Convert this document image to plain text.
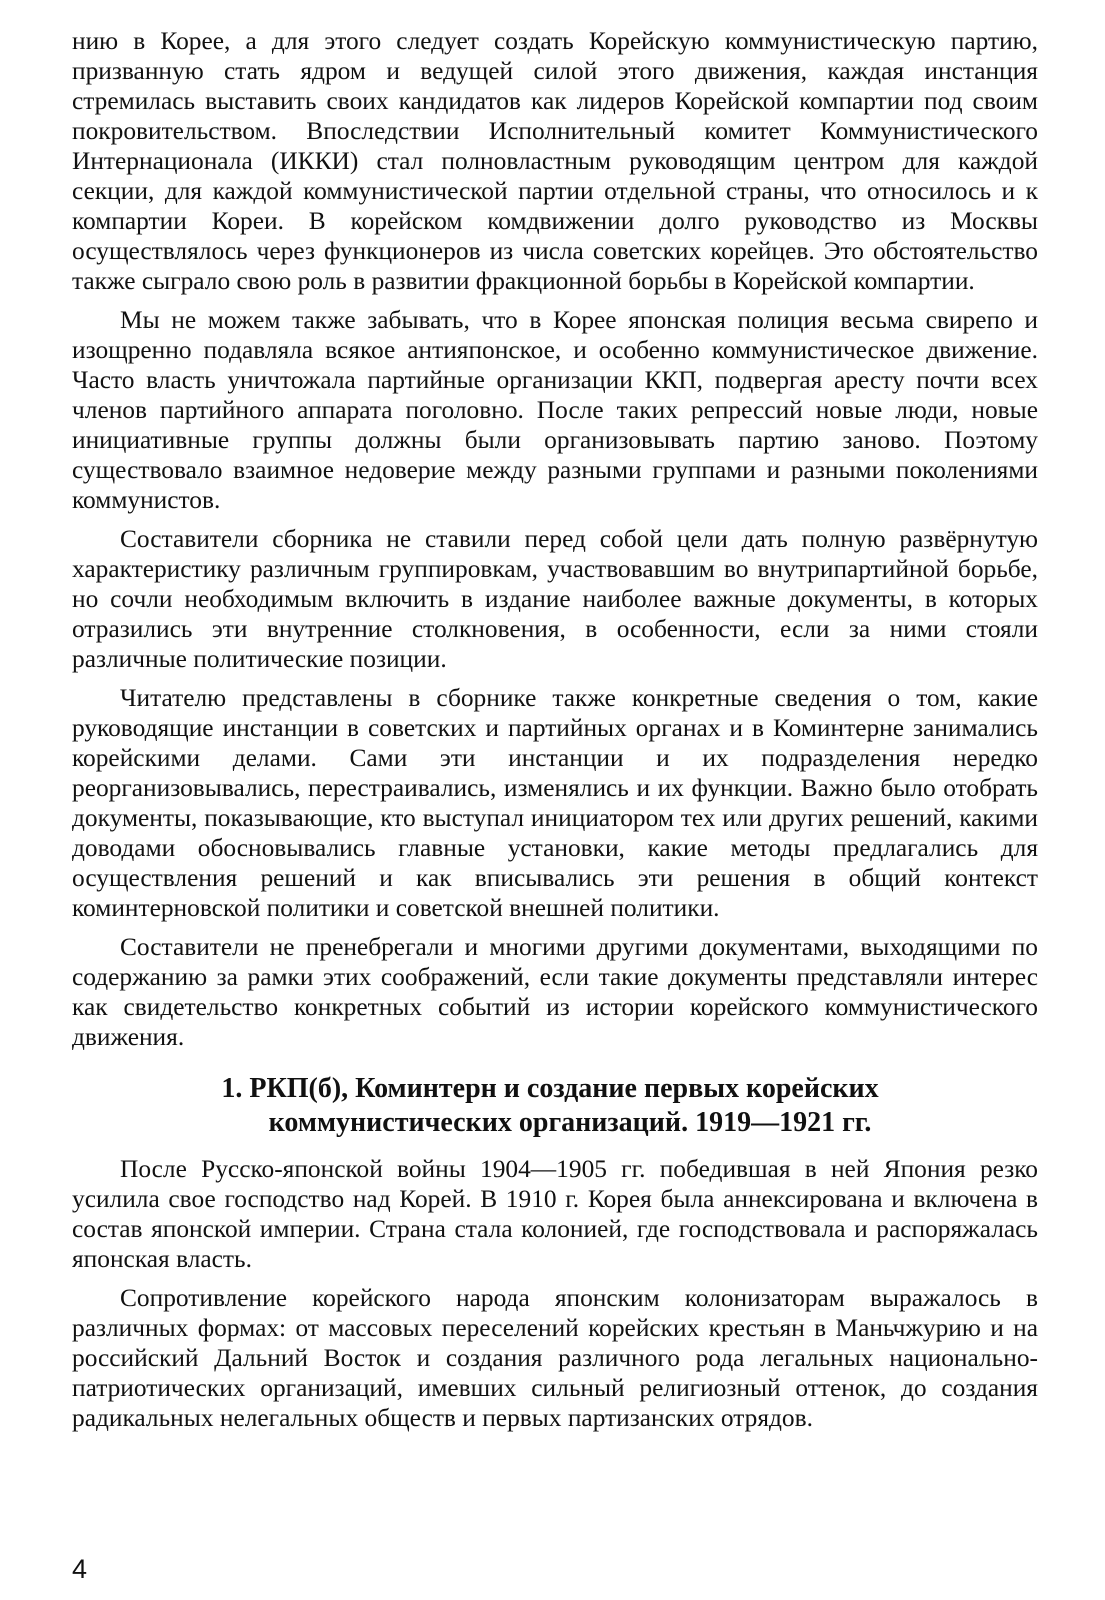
нию в Корее, а для этого следует создать Корейскую коммунистическую партию, призванную стать ядром и ведущей силой этого движения, каждая инстанция стремилась выставить своих кандидатов как лидеров Корейской компартии под своим покровительством. Впоследствии Исполнительный комитет Коммунистического Интернационала (ИККИ) стал полновластным руководящим центром для каждой секции, для каждой коммунистической партии отдельной страны, что относилось и к компартии Кореи. В корейском комдвижении долго руководство из Москвы осуществлялось через функционеров из числа советских корейцев. Это обстоятельство также сыграло свою роль в развитии фракционной борьбы в Корейской компартии.

Мы не можем также забывать, что в Корее японская полиция весьма свирепо и изощренно подавляла всякое антияпонское, и особенно коммунистическое движение. Часто власть уничтожала партийные организации ККП, подвергая аресту почти всех членов партийного аппарата поголовно. После таких репрессий новые люди, новые инициативные группы должны были организовывать партию заново. Поэтому существовало взаимное недоверие между разными группами и разными поколениями коммунистов.

Составители сборника не ставили перед собой цели дать полную развёрнутую характеристику различным группировкам, участвовавшим во внутрипартийной борьбе, но сочли необходимым включить в издание наиболее важные документы, в которых отразились эти внутренние столкновения, в особенности, если за ними стояли различные политические позиции.

Читателю представлены в сборнике также конкретные сведения о том, какие руководящие инстанции в советских и партийных органах и в Коминтерне занимались корейскими делами. Сами эти инстанции и их подразделения нередко реорганизовывались, перестраивались, изменялись и их функции. Важно было отобрать документы, показывающие, кто выступал инициатором тех или других решений, какими доводами обосновывались главные установки, какие методы предлагались для осуществления решений и как вписывались эти решения в общий контекст коминтерновской политики и советской внешней политики.

Составители не пренебрегали и многими другими документами, выходящими по содержанию за рамки этих соображений, если такие документы представляли интерес как свидетельство конкретных событий из истории корейского коммунистического движения.

1. РКП(б), Коминтерн и создание первых корейских
коммунистических организаций. 1919—1921 гг.

После Русско-японской войны 1904—1905 гг. победившая в ней Япония резко усилила свое господство над Корей. В 1910 г. Корея была аннексирована и включена в состав японской империи. Страна стала колонией, где господствовала и распоряжалась японская власть.

Сопротивление корейского народа японским колонизаторам выражалось в различных формах: от массовых переселений корейских крестьян в Маньчжурию и на российский Дальний Восток и создания различного рода легальных национально-патриотических организаций, имевших сильный религиозный оттенок, до создания радикальных нелегальных обществ и первых партизанских отрядов.

4
